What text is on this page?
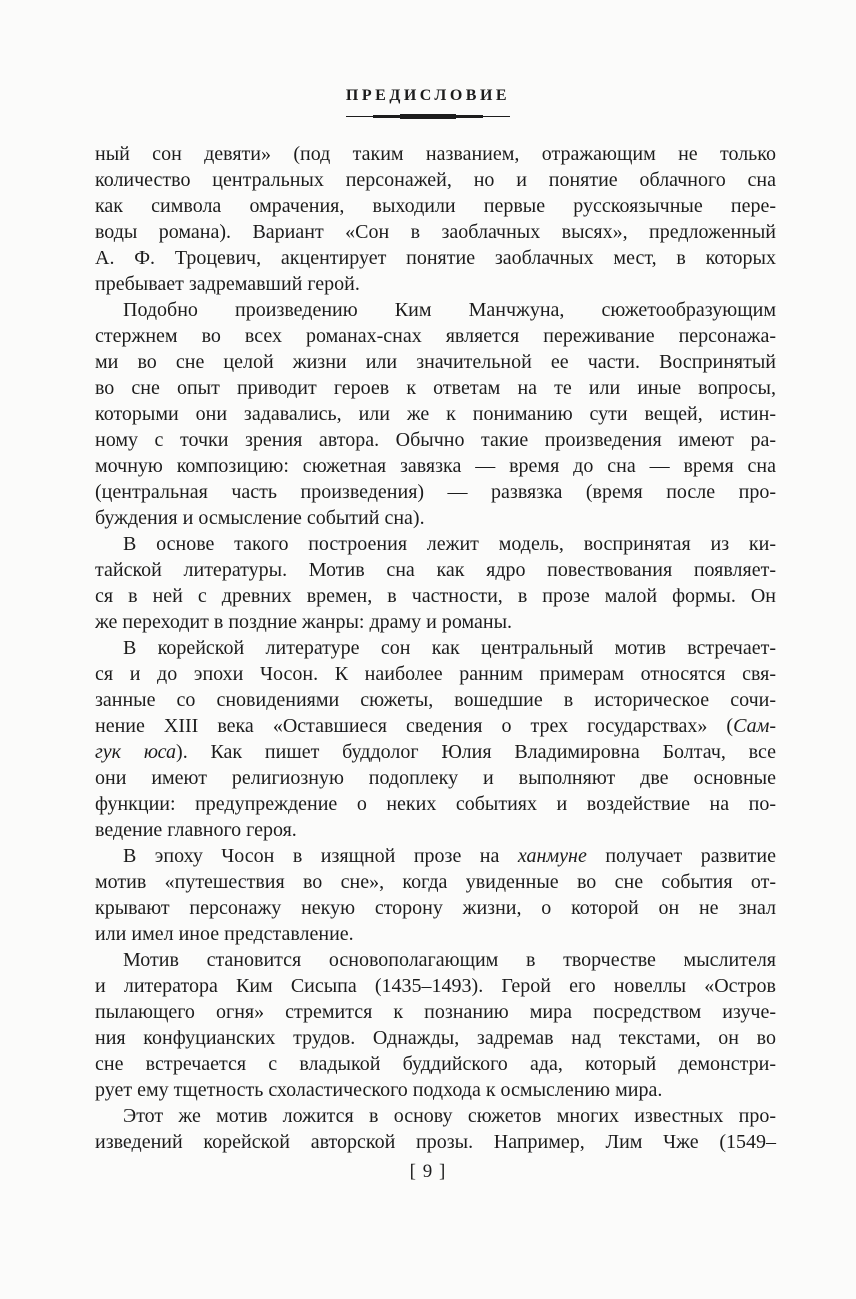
ПРЕДИСЛОВИЕ
ный сон девяти» (под таким названием, отражающим не только
количество центральных персонажей, но и понятие облачного сна
как символа омрачения, выходили первые русскоязычные пере-
воды романа). Вариант «Сон в заоблачных высях», предложенный
А. Ф. Троцевич, акцентирует понятие заоблачных мест, в которых
пребывает задремавший герой.
Подобно произведению Ким Манчжуна, сюжетообразующим
стержнем во всех романах-снах является переживание персонажа-
ми во сне целой жизни или значительной ее части. Воспринятый
во сне опыт приводит героев к ответам на те или иные вопросы,
которыми они задавались, или же к пониманию сути вещей, истин-
ному с точки зрения автора. Обычно такие произведения имеют ра-
мочную композицию: сюжетная завязка — время до сна — время сна
(центральная часть произведения) — развязка (время после про-
буждения и осмысление событий сна).
В основе такого построения лежит модель, воспринятая из ки-
тайской литературы. Мотив сна как ядро повествования появляет-
ся в ней с древних времен, в частности, в прозе малой формы. Он
же переходит в поздние жанры: драму и романы.
В корейской литературе сон как центральный мотив встречает-
ся и до эпохи Чосон. К наиболее ранним примерам относятся свя-
занные со сновидениями сюжеты, вошедшие в историческое сочи-
нение XIII века «Оставшиеся сведения о трех государствах» (Сам-
гук юса). Как пишет буддолог Юлия Владимировна Болтач, все
они имеют религиозную подоплеку и выполняют две основные
функции: предупреждение о неких событиях и воздействие на по-
ведение главного героя.
В эпоху Чосон в изящной прозе на ханмуне получает развитие
мотив «путешествия во сне», когда увиденные во сне события от-
крывают персонажу некую сторону жизни, о которой он не знал
или имел иное представление.
Мотив становится основополагающим в творчестве мыслителя
и литератора Ким Сисыпа (1435–1493). Герой его новеллы «Остров
пылающего огня» стремится к познанию мира посредством изуче-
ния конфуцианских трудов. Однажды, задремав над текстами, он во
сне встречается с владыкой буддийского ада, который демонстри-
рует ему тщетность схоластического подхода к осмыслению мира.
Этот же мотив ложится в основу сюжетов многих известных про-
изведений корейской авторской прозы. Например, Лим Чже (1549–
[ 9 ]
